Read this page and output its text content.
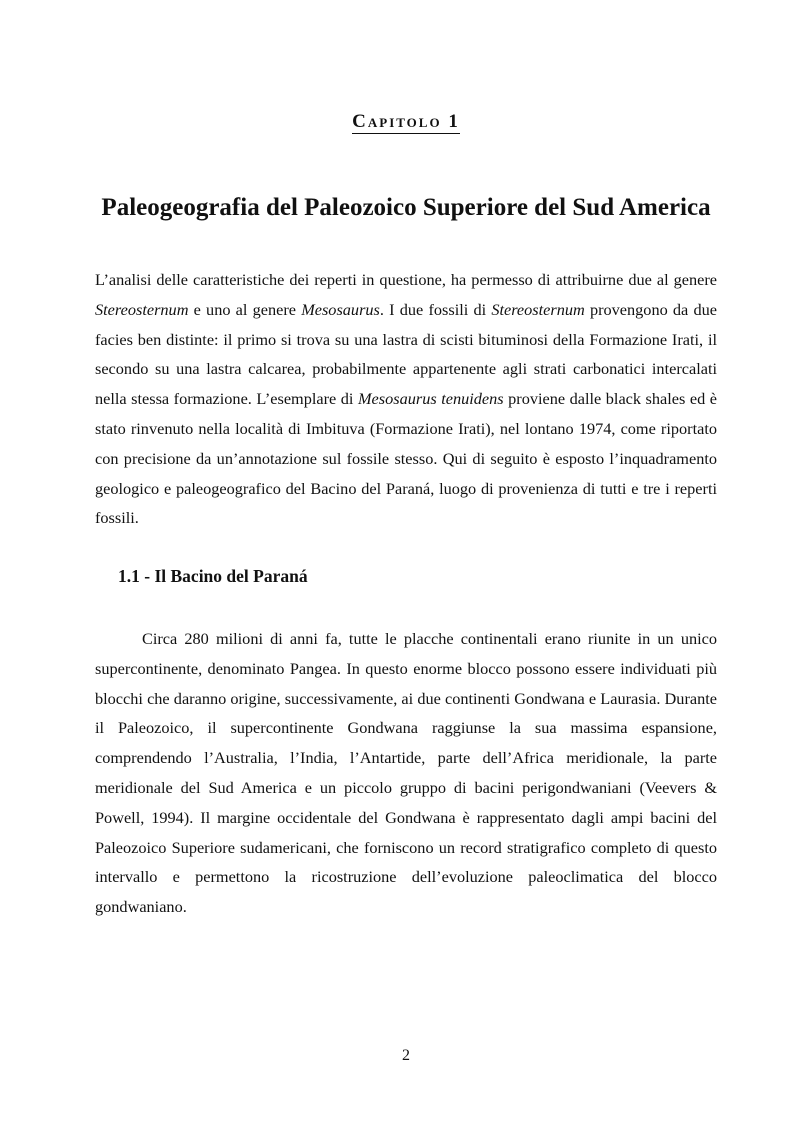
Capitolo 1
Paleogeografia del Paleozoico Superiore del Sud America

L’analisi delle caratteristiche dei reperti in questione, ha permesso di attribuirne due al genere Stereosternum e uno al genere Mesosaurus. I due fossili di Stereosternum provengono da due facies ben distinte: il primo si trova su una lastra di scisti bituminosi della Formazione Irati, il secondo su una lastra calcarea, probabilmente appartenente agli strati carbonatici intercalati nella stessa formazione. L’esemplare di Mesosaurus tenuidens proviene dalle black shales ed è stato rinvenuto nella località di Imbituva (Formazione Irati), nel lontano 1974, come riportato con precisione da un’annotazione sul fossile stesso. Qui di seguito è esposto l’inquadramento geologico e paleogeografico del Bacino del Paraná, luogo di provenienza di tutti e tre i reperti fossili.

1.1 - Il Bacino del Paraná

Circa 280 milioni di anni fa, tutte le placche continentali erano riunite in un unico supercontinente, denominato Pangea. In questo enorme blocco possono essere individuati più blocchi che daranno origine, successivamente, ai due continenti Gondwana e Laurasia. Durante il Paleozoico, il supercontinente Gondwana raggiunse la sua massima espansione, comprendendo l’Australia, l’India, l’Antartide, parte dell’Africa meridionale, la parte meridionale del Sud America e un piccolo gruppo di bacini perigondwaniani (Veevers & Powell, 1994). Il margine occidentale del Gondwana è rappresentato dagli ampi bacini del Paleozoico Superiore sudamericani, che forniscono un record stratigrafico completo di questo intervallo e permettono la ricostruzione dell’evoluzione paleoclimatica del blocco gondwaniano.

2
